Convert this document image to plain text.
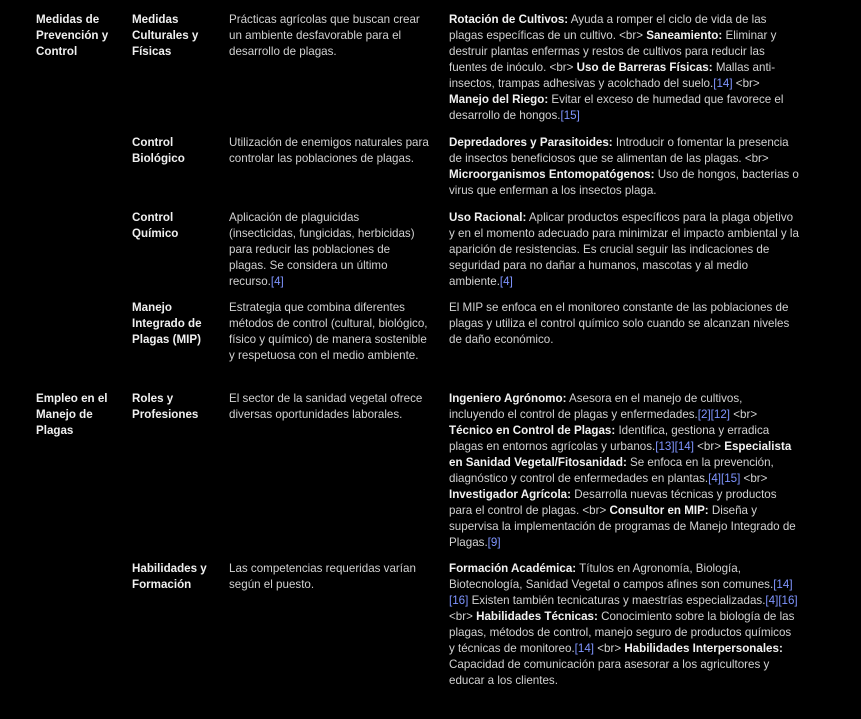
Medidas de Prevención y Control
Medidas Culturales y Físicas
Prácticas agrícolas que buscan crear un ambiente desfavorable para el desarrollo de plagas.
Rotación de Cultivos: Ayuda a romper el ciclo de vida de las plagas específicas de un cultivo. <br> Saneamiento: Eliminar y destruir plantas enfermas y restos de cultivos para reducir las fuentes de inóculo. <br> Uso de Barreras Físicas: Mallas anti-insectos, trampas adhesivas y acolchado del suelo.[14] <br> Manejo del Riego: Evitar el exceso de humedad que favorece el desarrollo de hongos.[15]
Control Biológico
Utilización de enemigos naturales para controlar las poblaciones de plagas.
Depredadores y Parasitoides: Introducir o fomentar la presencia de insectos beneficiosos que se alimentan de las plagas. <br> Microorganismos Entomopatógenos: Uso de hongos, bacterias o virus que enferman a los insectos plaga.
Control Químico
Aplicación de plaguicidas (insecticidas, fungicidas, herbicidas) para reducir las poblaciones de plagas. Se considera un último recurso.[4]
Uso Racional: Aplicar productos específicos para la plaga objetivo y en el momento adecuado para minimizar el impacto ambiental y la aparición de resistencias. Es crucial seguir las indicaciones de seguridad para no dañar a humanos, mascotas y al medio ambiente.[4]
Manejo Integrado de Plagas (MIP)
Estrategia que combina diferentes métodos de control (cultural, biológico, físico y químico) de manera sostenible y respetuosa con el medio ambiente.
El MIP se enfoca en el monitoreo constante de las poblaciones de plagas y utiliza el control químico solo cuando se alcanzan niveles de daño económico.
Empleo en el Manejo de Plagas
Roles y Profesiones
El sector de la sanidad vegetal ofrece diversas oportunidades laborales.
Ingeniero Agrónomo: Asesora en el manejo de cultivos, incluyendo el control de plagas y enfermedades.[2][12] <br> Técnico en Control de Plagas: Identifica, gestiona y erradica plagas en entornos agrícolas y urbanos.[13][14] <br> Especialista en Sanidad Vegetal/Fitosanidad: Se enfoca en la prevención, diagnóstico y control de enfermedades en plantas.[4][15] <br> Investigador Agrícola: Desarrolla nuevas técnicas y productos para el control de plagas. <br> Consultor en MIP: Diseña y supervisa la implementación de programas de Manejo Integrado de Plagas.[9]
Habilidades y Formación
Las competencias requeridas varían según el puesto.
Formación Académica: Títulos en Agronomía, Biología, Biotecnología, Sanidad Vegetal o campos afines son comunes.[14][16] Existen también tecnicaturas y maestrías especializadas.[4][16] <br> Habilidades Técnicas: Conocimiento sobre la biología de las plagas, métodos de control, manejo seguro de productos químicos y técnicas de monitoreo.[14] <br> Habilidades Interpersonales: Capacidad de comunicación para asesorar a los agricultores y educar a los clientes.
